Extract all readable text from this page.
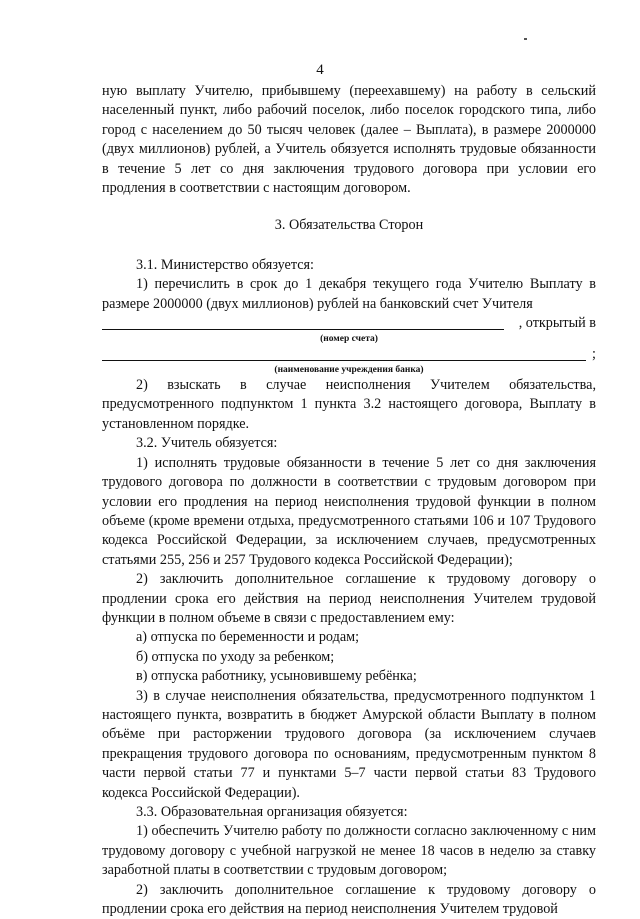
4

ную выплату Учителю, прибывшему (переехавшему) на работу в сельский населенный пункт, либо рабочий поселок, либо поселок городского типа, либо город с населением до 50 тысяч человек (далее – Выплата), в размере 2000000 (двух миллионов) рублей, а Учитель обязуется исполнять трудовые обязанности в течение 5 лет со дня заключения трудового договора при условии его продления в соответствии с настоящим договором.

3. Обязательства Сторон

3.1. Министерство обязуется:

1) перечислить в срок до 1 декабря текущего года Учителю Выплату в размере 2000000 (двух миллионов) рублей на банковский счет Учителя

, открытый в
(номер счета)
;
(наименование учреждения банка)

2) взыскать в случае неисполнения Учителем обязательства, предусмотренного подпунктом 1 пункта 3.2 настоящего договора, Выплату в установленном порядке.

3.2. Учитель обязуется:

1) исполнять трудовые обязанности в течение 5 лет со дня заключения трудового договора по должности в соответствии с трудовым договором при условии его продления на период неисполнения трудовой функции в полном объеме (кроме времени отдыха, предусмотренного статьями 106 и 107 Трудового кодекса Российской Федерации, за исключением случаев, предусмотренных статьями 255, 256 и 257 Трудового кодекса Российской Федерации);

2) заключить дополнительное соглашение к трудовому договору о продлении срока его действия на период неисполнения Учителем трудовой функции в полном объеме в связи с предоставлением ему:

а) отпуска по беременности и родам;

б) отпуска по уходу за ребенком;

в) отпуска работнику, усыновившему ребёнка;

3) в случае неисполнения обязательства, предусмотренного подпунктом 1 настоящего пункта, возвратить в бюджет Амурской области Выплату в полном объёме при расторжении трудового договора (за исключением случаев прекращения трудового договора по основаниям, предусмотренным пунктом 8 части первой статьи 77 и пунктами 5–7 части первой статьи 83 Трудового кодекса Российской Федерации).

3.3. Образовательная организация обязуется:

1) обеспечить Учителю работу по должности согласно заключенному с ним трудовому договору с учебной нагрузкой не менее 18 часов в неделю за ставку заработной платы в соответствии с трудовым договором;

2) заключить дополнительное соглашение к трудовому договору о продлении срока его действия на период неисполнения Учителем трудовой
